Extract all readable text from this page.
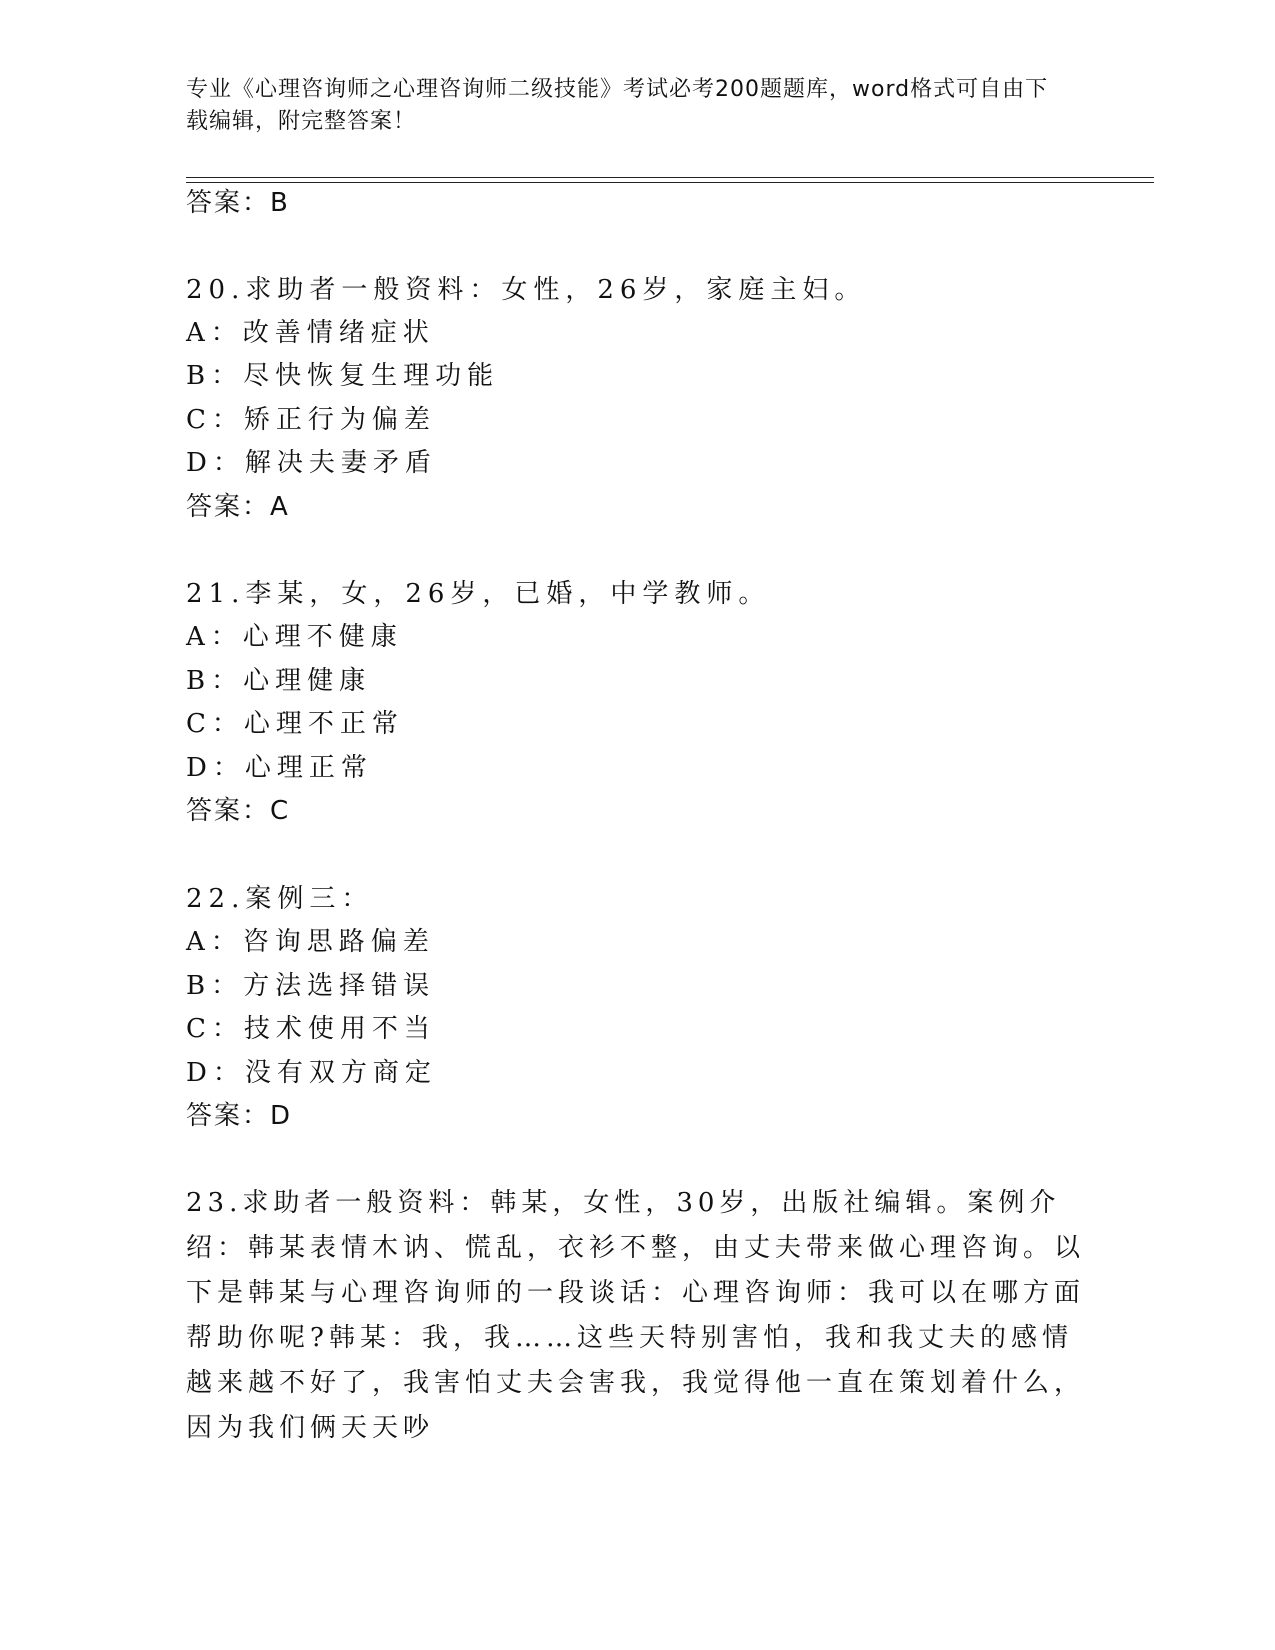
专业《心理咨询师之心理咨询师二级技能》考试必考200题题库，word格式可自由下载编辑，附完整答案！
答案：B
20.求助者一般资料：女性，26岁，家庭主妇。
A：改善情绪症状
B：尽快恢复生理功能
C：矫正行为偏差
D：解决夫妻矛盾
答案：A
21.李某，女，26岁，已婚，中学教师。
A：心理不健康
B：心理健康
C：心理不正常
D：心理正常
答案：C
22.案例三：
A：咨询思路偏差
B：方法选择错误
C：技术使用不当
D：没有双方商定
答案：D
23.求助者一般资料：韩某，女性，30岁，出版社编辑。案例介绍：韩某表情木讷、慌乱，衣衫不整，由丈夫带来做心理咨询。以下是韩某与心理咨询师的一段谈话：心理咨询师：我可以在哪方面帮助你呢?韩某：我，我……这些天特别害怕，我和我丈夫的感情越来越不好了，我害怕丈夫会害我，我觉得他一直在策划着什么，因为我们俩天天吵
